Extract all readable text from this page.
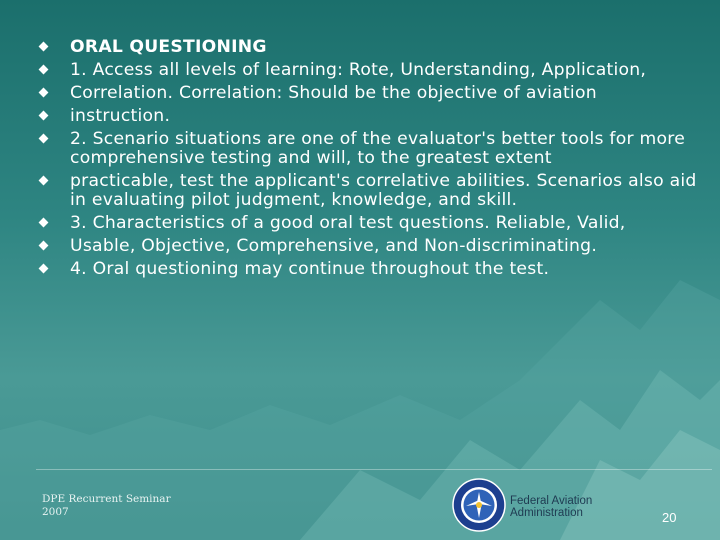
ORAL QUESTIONING
1. Access all levels of learning: Rote, Understanding, Application,
Correlation. Correlation: Should be the objective of aviation
instruction.
2. Scenario situations are one of the evaluator's better tools for more comprehensive testing and will, to the greatest extent
practicable, test the applicant's correlative abilities. Scenarios also aid in evaluating pilot judgment, knowledge, and skill.
3. Characteristics of a good oral test questions. Reliable, Valid,
Usable, Objective, Comprehensive, and Non-discriminating.
4. Oral questioning may continue throughout the test.
DPE Recurrent Seminar
2007
Federal Aviation
Administration	20
